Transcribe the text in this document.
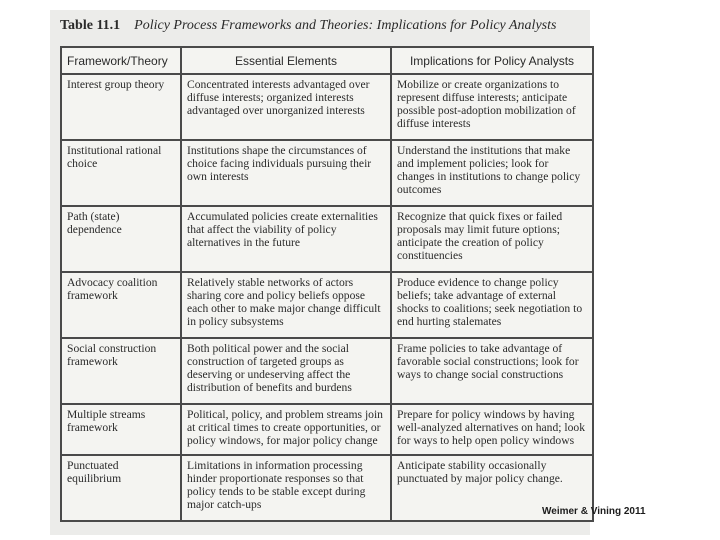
Table 11.1 Policy Process Frameworks and Theories: Implications for Policy Analysts
Framework/Theory	Essential Elements	Implications for Policy Analysts
Interest group theory	Concentrated interests advantaged over diffuse interests; organized interests advantaged over unorganized interests	Mobilize or create organizations to represent diffuse interests; anticipate possible post-adoption mobilization of diffuse interests
Institutional rational choice	Institutions shape the circumstances of choice facing individuals pursuing their own interests	Understand the institutions that make and implement policies; look for changes in institutions to change policy outcomes
Path (state) dependence	Accumulated policies create externalities that affect the viability of policy alternatives in the future	Recognize that quick fixes or failed proposals may limit future options; anticipate the creation of policy constituencies
Advocacy coalition framework	Relatively stable networks of actors sharing core and policy beliefs oppose each other to make major change difficult in policy subsystems	Produce evidence to change policy beliefs; take advantage of external shocks to coalitions; seek negotiation to end hurting stalemates
Social construction framework	Both political power and the social construction of targeted groups as deserving or undeserving affect the distribution of benefits and burdens	Frame policies to take advantage of favorable social constructions; look for ways to change social constructions
Multiple streams framework	Political, policy, and problem streams join at critical times to create opportunities, or policy windows, for major policy change	Prepare for policy windows by having well-analyzed alternatives on hand; look for ways to help open policy windows
Punctuated equilibrium	Limitations in information processing hinder proportionate responses so that policy tends to be stable except during major catch-ups	Anticipate stability occasionally punctuated by major policy change.
Weimer & Vining 2011
